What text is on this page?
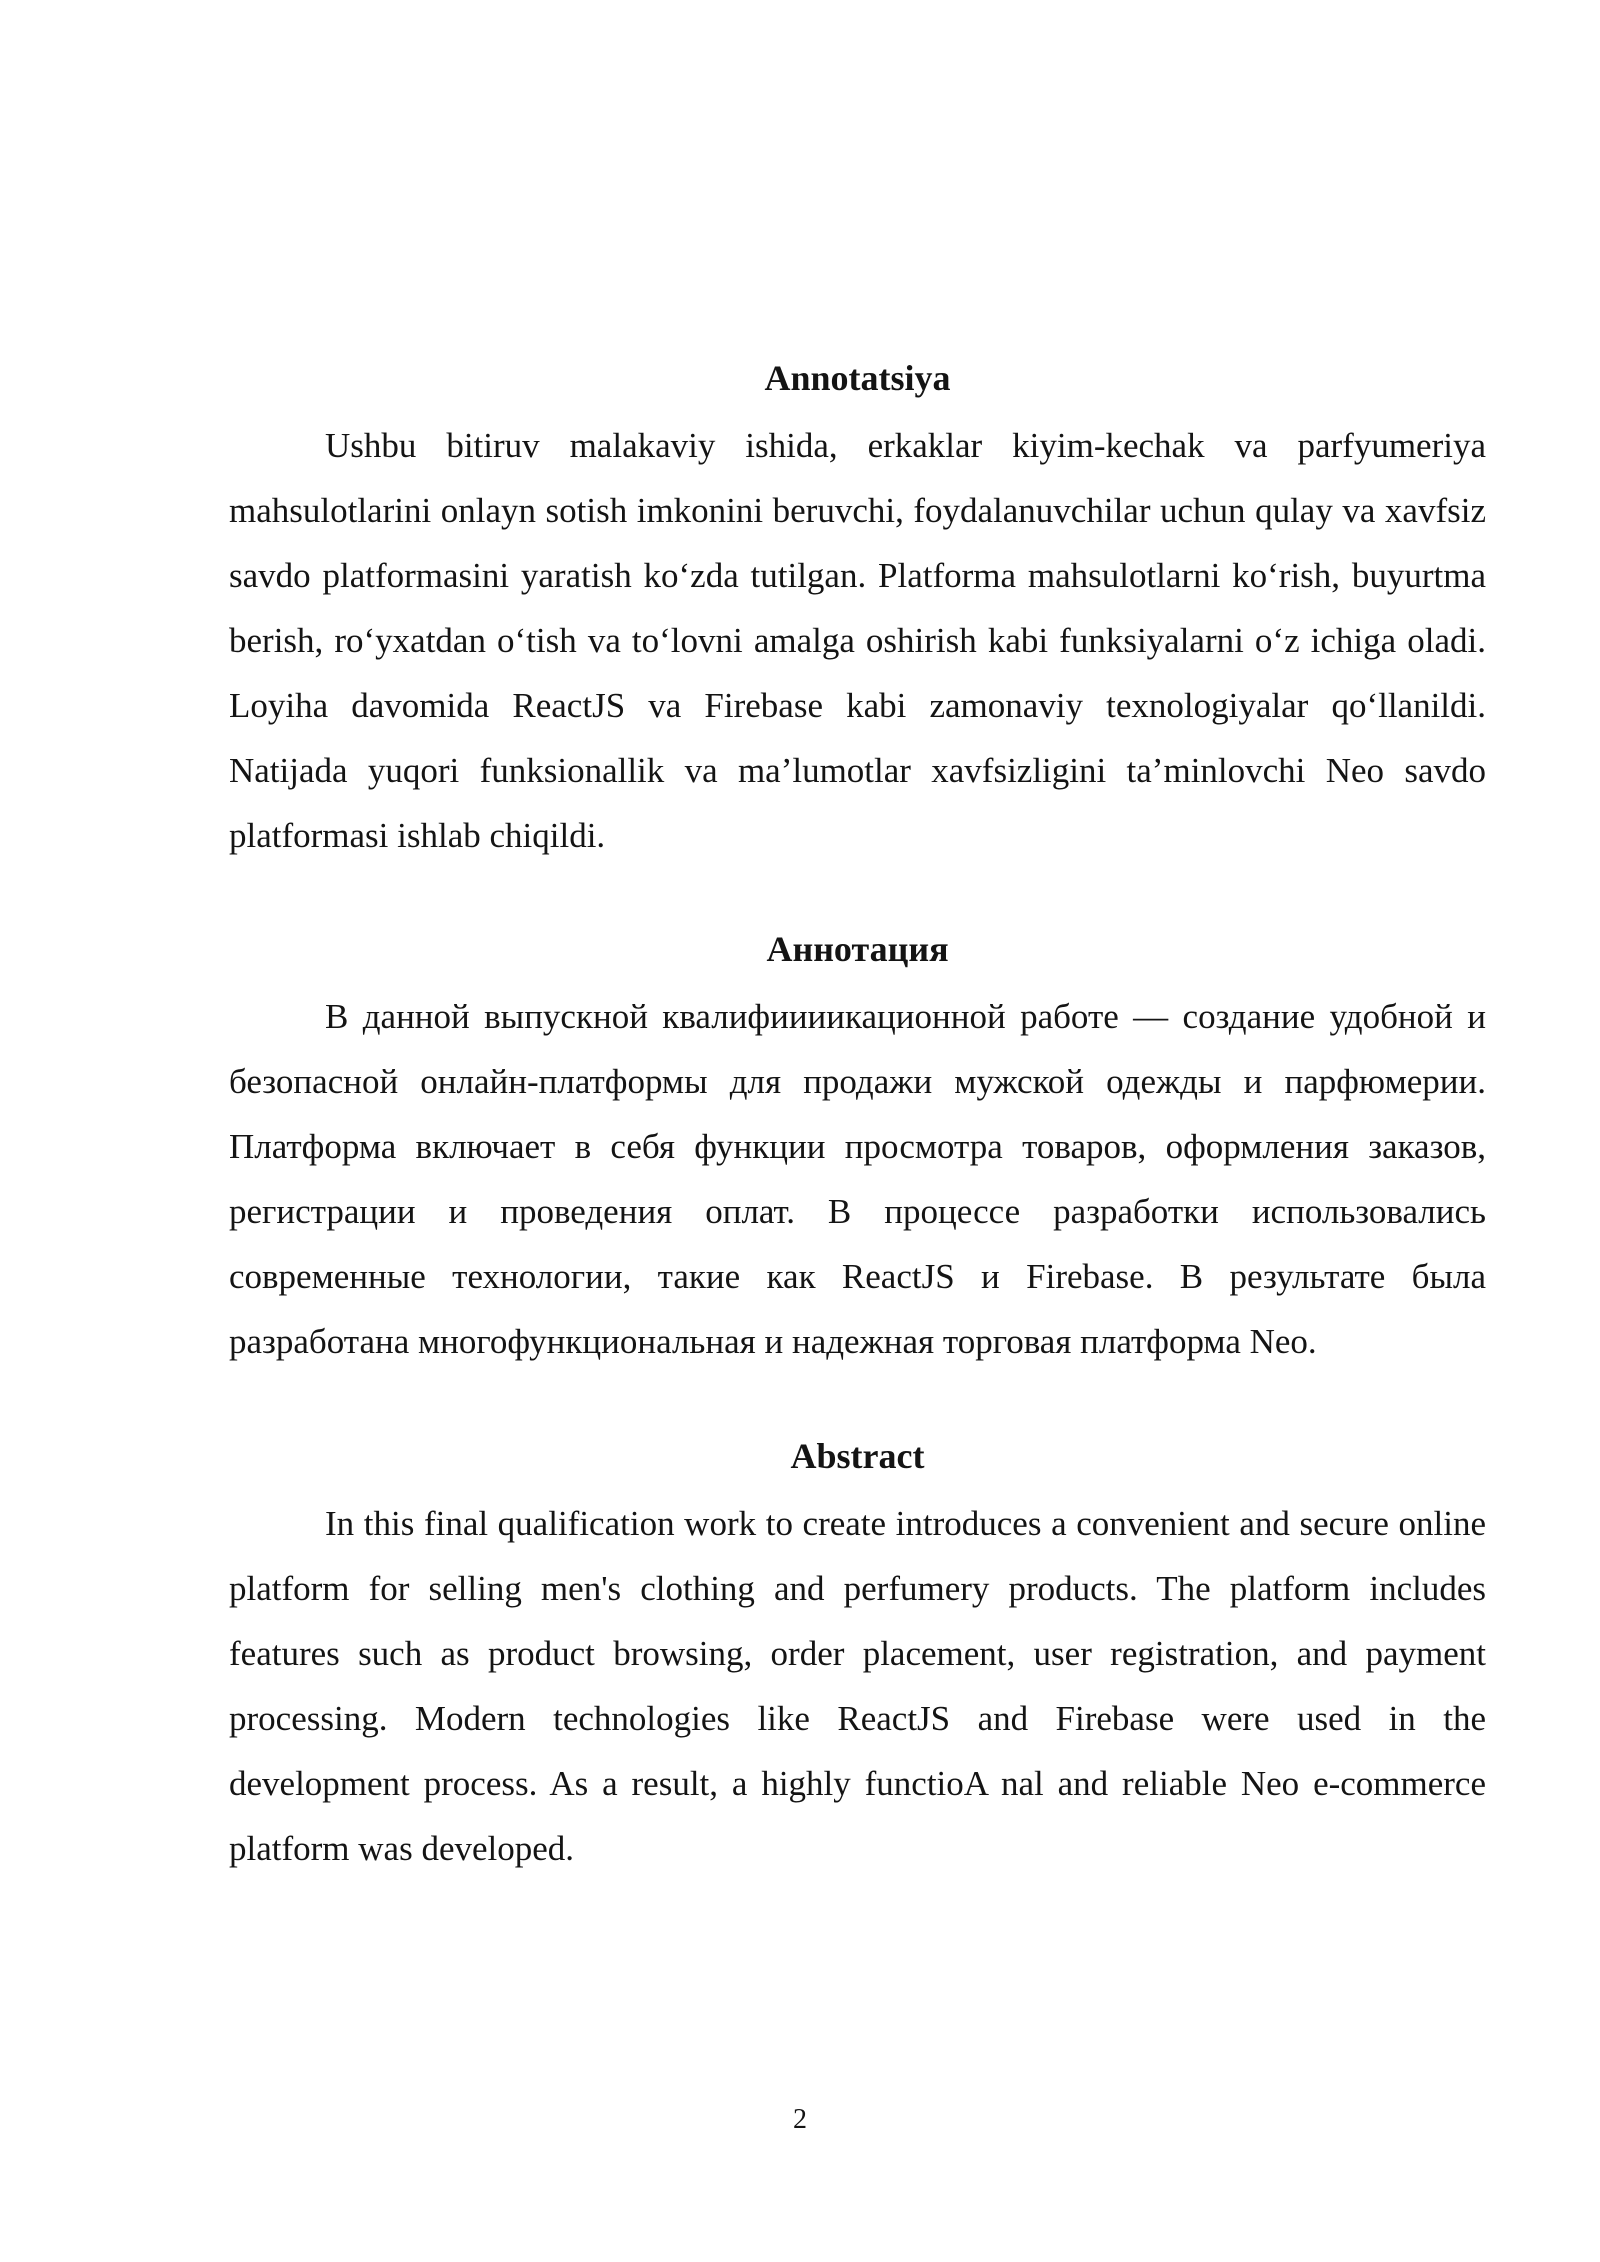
Annotatsiya

Ushbu bitiruv malakaviy ishida, erkaklar kiyim-kechak va parfyumeriya mahsulotlarini onlayn sotish imkonini beruvchi, foydalanuvchilar uchun qulay va xavfsiz savdo platformasini yaratish ko‘zda tutilgan. Platforma mahsulotlarni ko‘rish, buyurtma berish, ro‘yxatdan o‘tish va to‘lovni amalga oshirish kabi funksiyalarni o‘z ichiga oladi. Loyiha davomida ReactJS va Firebase kabi zamonaviy texnologiyalar qo‘llanildi. Natijada yuqori funksionallik va ma’lumotlar xavfsizligini ta’minlovchi Neo savdo platformasi ishlab chiqildi.

Аннотация

В данной выпускной квалифиииикационной работе — создание удобной и безопасной онлайн-платформы для продажи мужской одежды и парфюмерии. Платформа включает в себя функции просмотра товаров, оформления заказов, регистрации и проведения оплат. В процессе разработки использовались современные технологии, такие как ReactJS и Firebase. В результате была разработана многофункциональная и надежная торговая платформа Neo.

Abstract

In this final qualification work to create introduces a convenient and secure online platform for selling men's clothing and perfumery products. The platform includes features such as product browsing, order placement, user registration, and payment processing. Modern technologies like ReactJS and Firebase were used in the development process. As a result, a highly functioA nal and reliable Neo e-commerce platform was developed.

2
